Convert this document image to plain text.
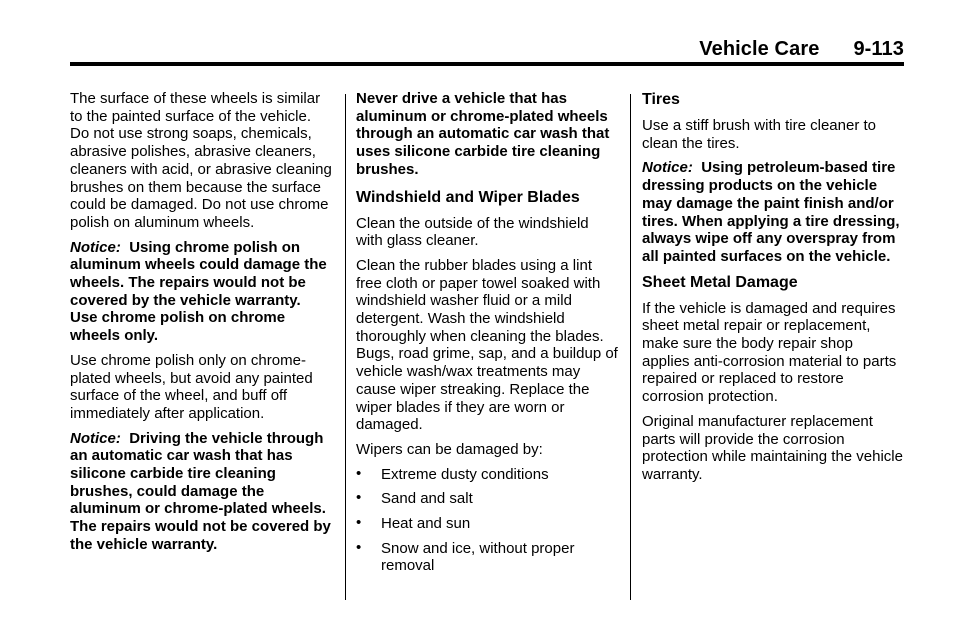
Vehicle Care 9-113

The surface of these wheels is similar to the painted surface of the vehicle. Do not use strong soaps, chemicals, abrasive polishes, abrasive cleaners, cleaners with acid, or abrasive cleaning brushes on them because the surface could be damaged. Do not use chrome polish on aluminum wheels.

Notice: Using chrome polish on aluminum wheels could damage the wheels. The repairs would not be covered by the vehicle warranty. Use chrome polish on chrome wheels only.

Use chrome polish only on chrome-plated wheels, but avoid any painted surface of the wheel, and buff off immediately after application.

Notice: Driving the vehicle through an automatic car wash that has silicone carbide tire cleaning brushes, could damage the aluminum or chrome-plated wheels. The repairs would not be covered by the vehicle warranty.

Never drive a vehicle that has aluminum or chrome-plated wheels through an automatic car wash that uses silicone carbide tire cleaning brushes.

Windshield and Wiper Blades

Clean the outside of the windshield with glass cleaner.

Clean the rubber blades using a lint free cloth or paper towel soaked with windshield washer fluid or a mild detergent. Wash the windshield thoroughly when cleaning the blades. Bugs, road grime, sap, and a buildup of vehicle wash/wax treatments may cause wiper streaking. Replace the wiper blades if they are worn or damaged.

Wipers can be damaged by:

• Extreme dusty conditions
• Sand and salt
• Heat and sun
• Snow and ice, without proper removal
Tires

Use a stiff brush with tire cleaner to clean the tires.

Notice: Using petroleum-based tire dressing products on the vehicle may damage the paint finish and/or tires. When applying a tire dressing, always wipe off any overspray from all painted surfaces on the vehicle.

Sheet Metal Damage

If the vehicle is damaged and requires sheet metal repair or replacement, make sure the body repair shop applies anti-corrosion material to parts repaired or replaced to restore corrosion protection.

Original manufacturer replacement parts will provide the corrosion protection while maintaining the vehicle warranty.
